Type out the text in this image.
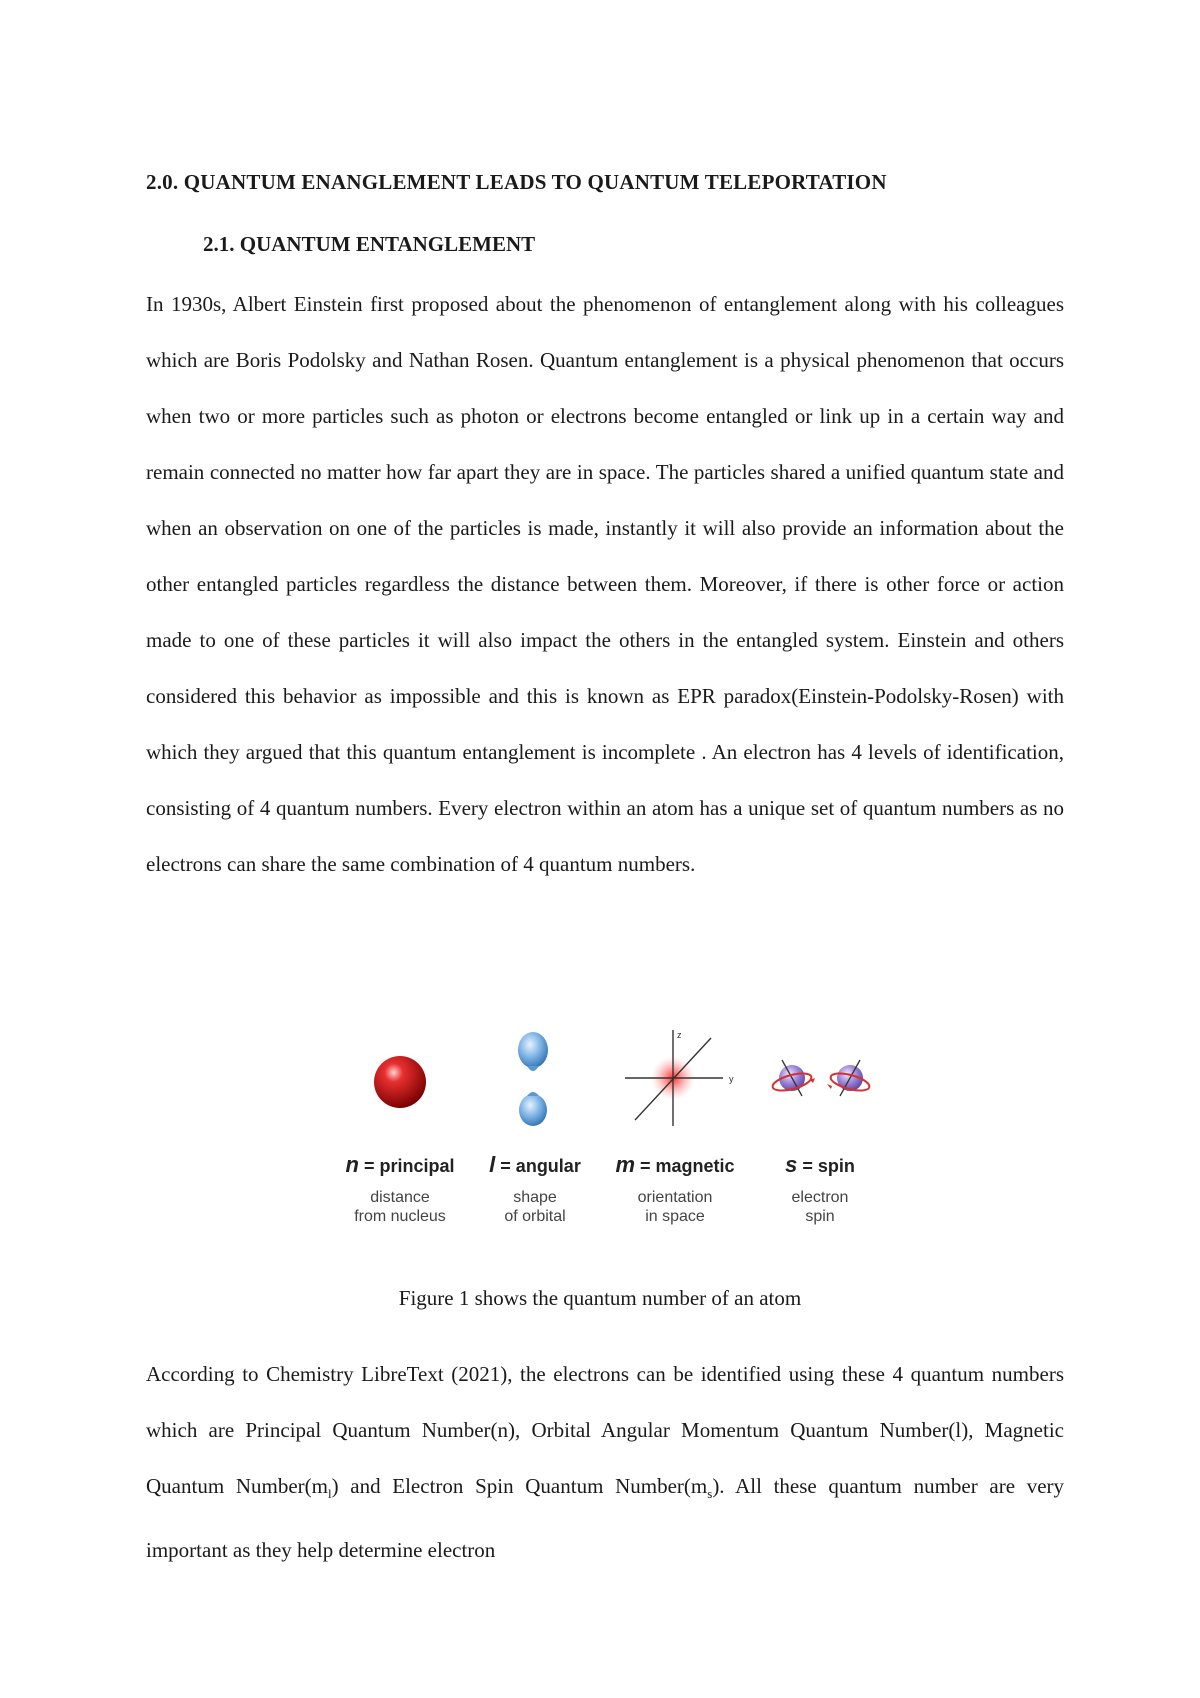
2.0. QUANTUM ENANGLEMENT LEADS TO QUANTUM TELEPORTATION
2.1. QUANTUM ENTANGLEMENT

In 1930s, Albert Einstein first proposed about the phenomenon of entanglement along with his colleagues which are Boris Podolsky and Nathan Rosen. Quantum entanglement is a physical phenomenon that occurs when two or more particles such as photon or electrons become entangled or link up in a certain way and remain connected no matter how far apart they are in space. The particles shared a unified quantum state and when an observation on one of the particles is made, instantly it will also provide an information about the other entangled particles regardless the distance between them. Moreover, if there is other force or action made to one of these particles it will also impact the others in the entangled system. Einstein and others considered this behavior as impossible and this is known as EPR paradox(Einstein-Podolsky-Rosen) with which they argued that this quantum entanglement is incomplete . An electron has 4 levels of identification, consisting of 4 quantum numbers. Every electron within an atom has a unique set of quantum numbers as no electrons can share the same combination of 4 quantum numbers.

n = principal
distance
from nucleus
l = angular
shape
of orbital
z
y
m = magnetic
orientation
in space
s = spin
electron
spin

Figure 1 shows the quantum number of an atom

According to Chemistry LibreText (2021), the electrons can be identified using these 4 quantum numbers which are Principal Quantum Number(n), Orbital Angular Momentum Quantum Number(l), Magnetic Quantum $Number(m_l)$ and Electron Spin Quantum $Number(m_s)$. All these quantum number are very important as they help determine electron
